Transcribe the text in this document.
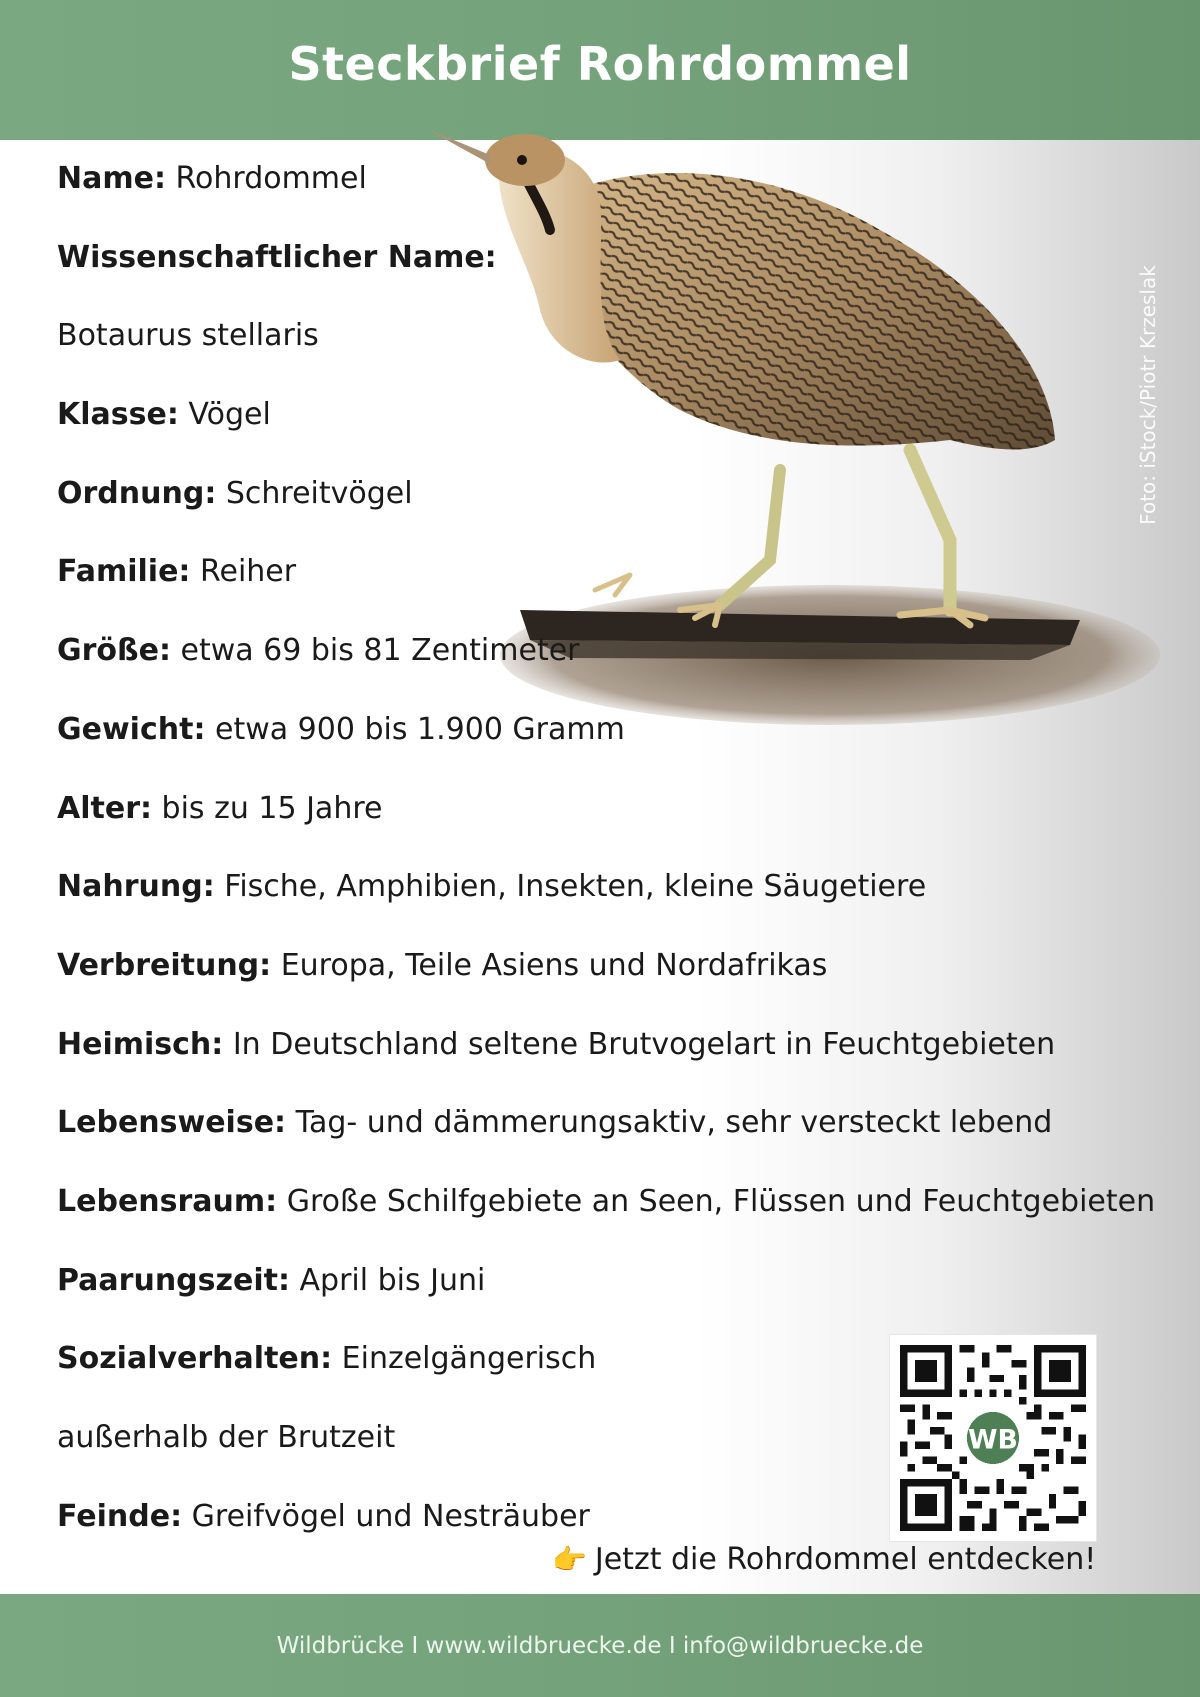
Steckbrief Rohrdommel
Foto: iStock/Piotr Krzeslak
Name: Rohrdommel
Wissenschaftlicher Name:
Botaurus stellaris
Klasse: Vögel
Ordnung: Schreitvögel
Familie: Reiher
Größe: etwa 69 bis 81 Zentimeter
Gewicht: etwa 900 bis 1.900 Gramm
Alter: bis zu 15 Jahre
Nahrung: Fische, Amphibien, Insekten, kleine Säugetiere
Verbreitung: Europa, Teile Asiens und Nordafrikas
Heimisch: In Deutschland seltene Brutvogelart in Feuchtgebieten
Lebensweise: Tag- und dämmerungsaktiv, sehr versteckt lebend
Lebensraum: Große Schilfgebiete an Seen, Flüssen und Feuchtgebieten
Paarungszeit: April bis Juni
Sozialverhalten: Einzelgängerisch
außerhalb der Brutzeit
Feinde: Greifvögel und Nesträuber
WB
👉 Jetzt die Rohrdommel entdecken!
Wildbrücke I www.wildbruecke.de I info@wildbruecke.de
